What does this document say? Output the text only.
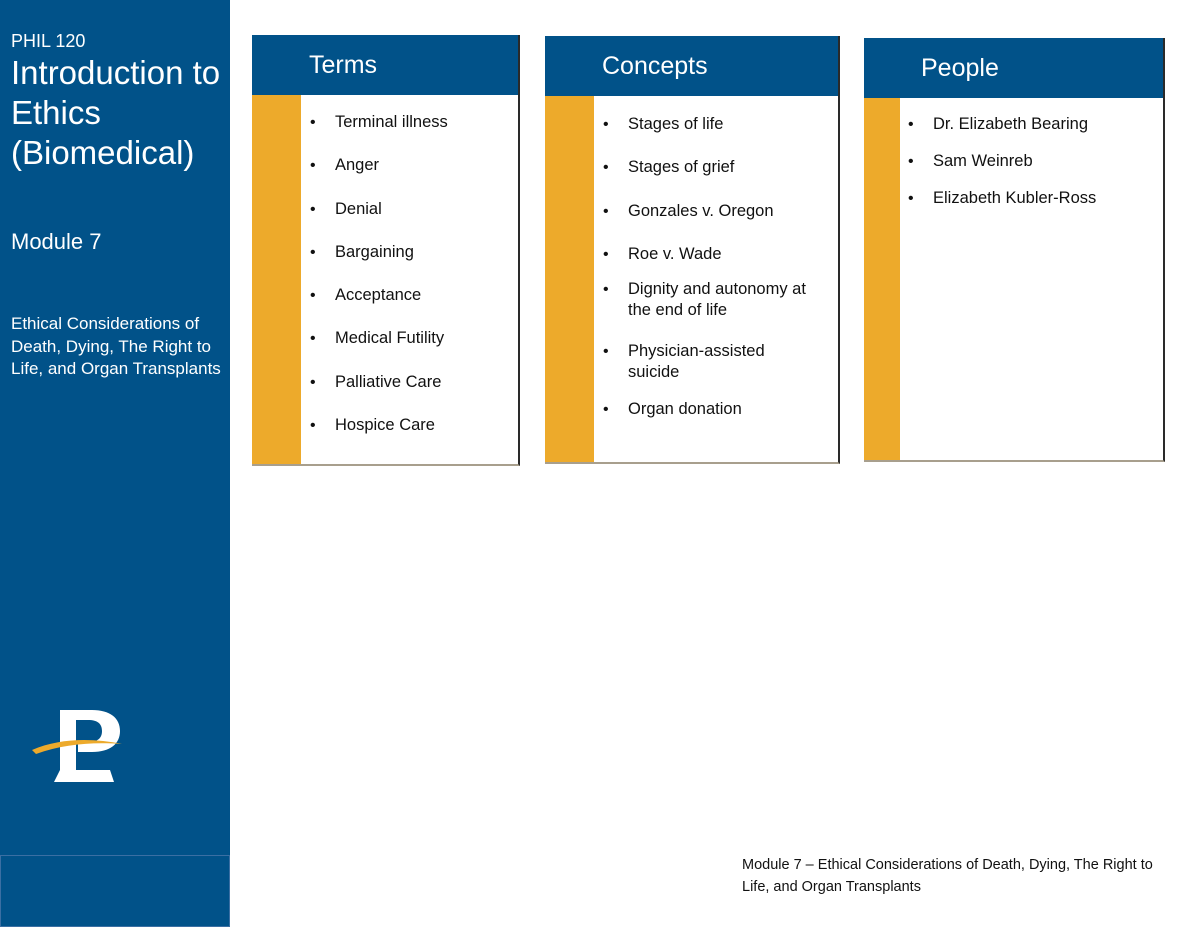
PHIL 120
Introduction to Ethics (Biomedical)
Module 7
Ethical Considerations of Death, Dying, The Right to Life, and Organ Transplants
Terms
• Terminal illness
• Anger
• Denial
• Bargaining
• Acceptance
• Medical Futility
• Palliative Care
• Hospice Care
Concepts
• Stages of life
• Stages of grief
• Gonzales v. Oregon
• Roe v. Wade
• Dignity and autonomy at the end of life
• Physician-assisted suicide
• Organ donation
People
• Dr. Elizabeth Bearing
• Sam Weinreb
• Elizabeth Kubler-Ross
Module 7 – Ethical Considerations of Death, Dying, The Right to Life, and Organ Transplants
